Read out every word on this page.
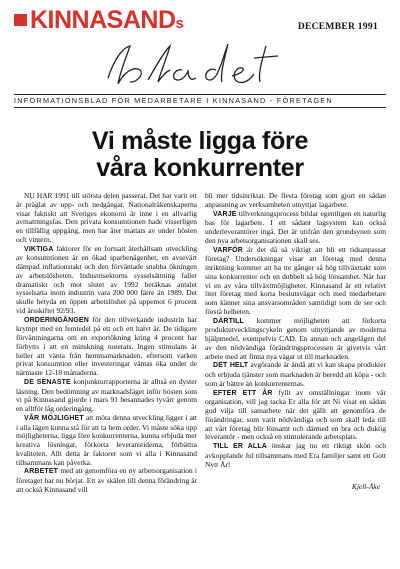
KINNASANDs	DECEMBER 1991
INFORMATIONSBLAD FÖR MEDARBETARE I KINNASAND - FÖRETAGEN
Vi måste ligga före
våra konkurrenter

NU HAR 1991 till största delen passerat. Det har varit ett år präglat av upp- och nedgångar. Nationalräkenskaperna visar faktiskt att Sveriges ekonomi är inne i en allvarlig avmattningsfas. Den privata konsumtionen hade visserligen en tillfällig uppgång, men har åter mattats av under hösten och vintern.

VIKTIGA faktorer för en fortsatt återhållsam utveckling av konsumtionen är en ökad sparbenägenhet, en avsevärt dämpad inflationstakt och den förväntade snabba ökningen av arbetslösheten. Industrisektorns sysselsättning faller dramatiskt och mot slutet av 1992 beräknas antalet sysselsatta inom industrin vara 200 000 färre än 1989. Det skulle betyda en öppen arbetslöshet på uppemot 6 procent vid årsskiftet 92/93.

ORDERINGÅNGEN för den tillverkande industrin har krympt med en femtedel på ett och ett halvt år. De tidigare förväntningarna om en exportökning kring 4 procent har förbytts i att en minskning noterats. Ingen stimulans är heller att vänta från hemmamarknaden, eftersom varken privat konsumtion eller investeringar väntas öka under de närmaste 12-18 månaderna.

DE SENASTE konjunkturrapporterna är alltså en dyster läsning. Den bedömning av marknadsläget inför hösten som vi på Kinnasand gjorde i mars 91 besannades tyvärr genom en alltför låg orderingång.

VÅR MÖJLIGHET att möta denna utveckling ligger i att i alla lägen kunna stå för att ta hem order. Vi måste söka upp möjligheterna, ligga före konkurrenterna, kunna erbjuda mer kreativa lösningar, förkorta leveranstiderna, förbättra kvaliteten. Allt detta är faktorer som vi alla i Kinnasand tillsammans kan påverka.

ARBETET med att genomföra en ny arbetsorganisation i företaget har nu börjat. Ett av skälen till denna förändring är att också Kinnasand vill

bli mer tidsinriktat. De flesta företag som gjort en sådan anpassning av verksamheten utnyttjar lagarbete.

VARJE tillverkningsprocess bildar egentligen en naturlig bas för lagarbete. I ett sådant lagsystem kan också underleverantörer ingå. Det är utifrån den grundsynen som den nya arbetsorganisationen skall ses.

VARFÖR är det då så viktigt att bli ett tidsanpassat företag? Undersökningar visar att företag med denna inriktning kommer att ha tre gånger så hög tillväxttakt som sina konkurrenter och en dubbelt så hög lönsamhet. När har vi en av våra tillväxtmöjligheter. Kinnasand är ett relativt litet företag med korta beslutsvägar och med medarbetare som känner sina ansvarsområden samtidigt som de ser och förstå helheten.

DÄRTILL kommer möjligheten att förkorta produktutvecklingscykeln genom utnyttjande av moderna hjälpmedel, exempelvis CAD. En annan och angelägen del av den nödvändiga förändringsprocessen är givetvis vårt arbete med att finna nya vägar ut till marknaden.

DET HELT avgörande är ändå att vi kan skapa produkter och erbjuda tjänster som marknaden är beredd att köpa - och som är bättre än konkurrenternas.

EFTER ETT ÅR fyllt av omställningar inom vår organisation, vill jag tacka Er alla för att Ni visat en sådan god vilja till samarbete när det gällt att genomföra de förändringar, som varit nödvändiga och som skall leda till att vårt företag blir lönsamt och därmed en bra och duktig leverantör - men också en stimulerande arbetsplats.

TILL ER ALLA önskar jag nu ett riktigt skön och avkopplande Jul tillsammans med Era familjer samt ett Gott Nytt År!

Kjell-Åke
